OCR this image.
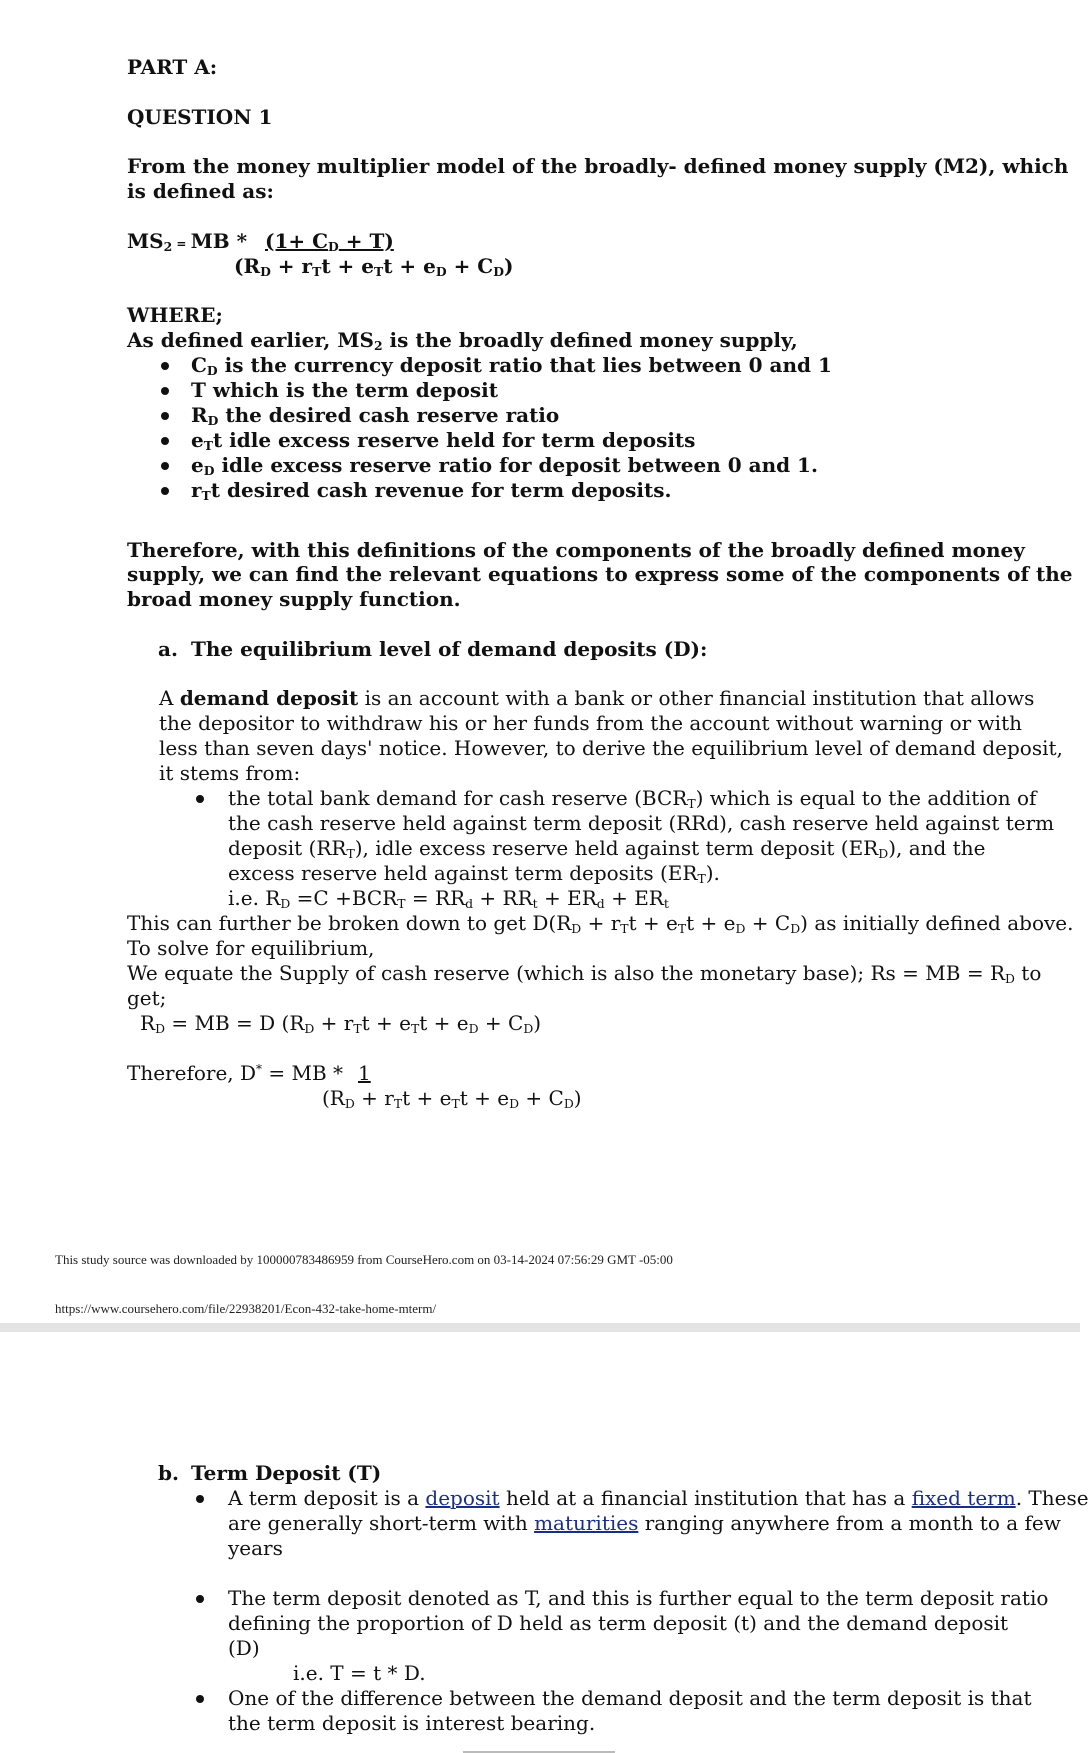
PART A:
QUESTION 1
From the money multiplier model of the broadly- defined money supply (M2), which
is defined as:
$MS_2$ = MB * $(1+ C_D + T)$
$(R_D + r_Tt + e_Tt + e_D + C_D)$
WHERE;
As defined earlier, $MS_2$ is the broadly defined money supply,
$C_D$ is the currency deposit ratio that lies between 0 and 1
T which is the term deposit
$R_D$ the desired cash reserve ratio
$e_Tt$ idle excess reserve held for term deposits
$e_D$ idle excess reserve ratio for deposit between 0 and 1.
$r_Tt$ desired cash revenue for term deposits.
Therefore, with this definitions of the components of the broadly defined money
supply, we can find the relevant equations to express some of the components of the
broad money supply function.
a. The equilibrium level of demand deposits (D):
A demand deposit is an account with a bank or other financial institution that allows
the depositor to withdraw his or her funds from the account without warning or with
less than seven days' notice. However, to derive the equilibrium level of demand deposit,
it stems from:
the total bank demand for cash reserve $(BCR_T)$ which is equal to the addition of
the cash reserve held against term deposit (RRd), cash reserve held against term
deposit $(RR_T)$, idle excess reserve held against term deposit $(ER_D)$, and the
excess reserve held against term deposits $(ER_T)$.
i.e. $R_D =C +BCR_T = RR_d + RR_t + ER_d + ER_t$
This can further be broken down to get $D(R_D + r_Tt + e_Tt + e_D + C_D)$ as initially defined above.
To solve for equilibrium,
We equate the Supply of cash reserve (which is also the monetary base); Rs = MB = $R_D$ to
get;
$R_D$ = MB = D $(R_D + r_Tt + e_Tt + e_D + C_D)$
Therefore, D* = MB * 1
$(R_D + r_Tt + e_Tt + e_D + C_D)$
This study source was downloaded by 100000783486959 from CourseHero.com on 03-14-2024 07:56:29 GMT -05:00
https://www.coursehero.com/file/22938201/Econ-432-take-home-mterm/
b. Term Deposit (T)
A term deposit is a deposit held at a financial institution that has a fixed term. These
are generally short-term with maturities ranging anywhere from a month to a few
years
The term deposit denoted as T, and this is further equal to the term deposit ratio
defining the proportion of D held as term deposit (t) and the demand deposit
(D)
i.e. T = t * D.
One of the difference between the demand deposit and the term deposit is that
the term deposit is interest bearing.
